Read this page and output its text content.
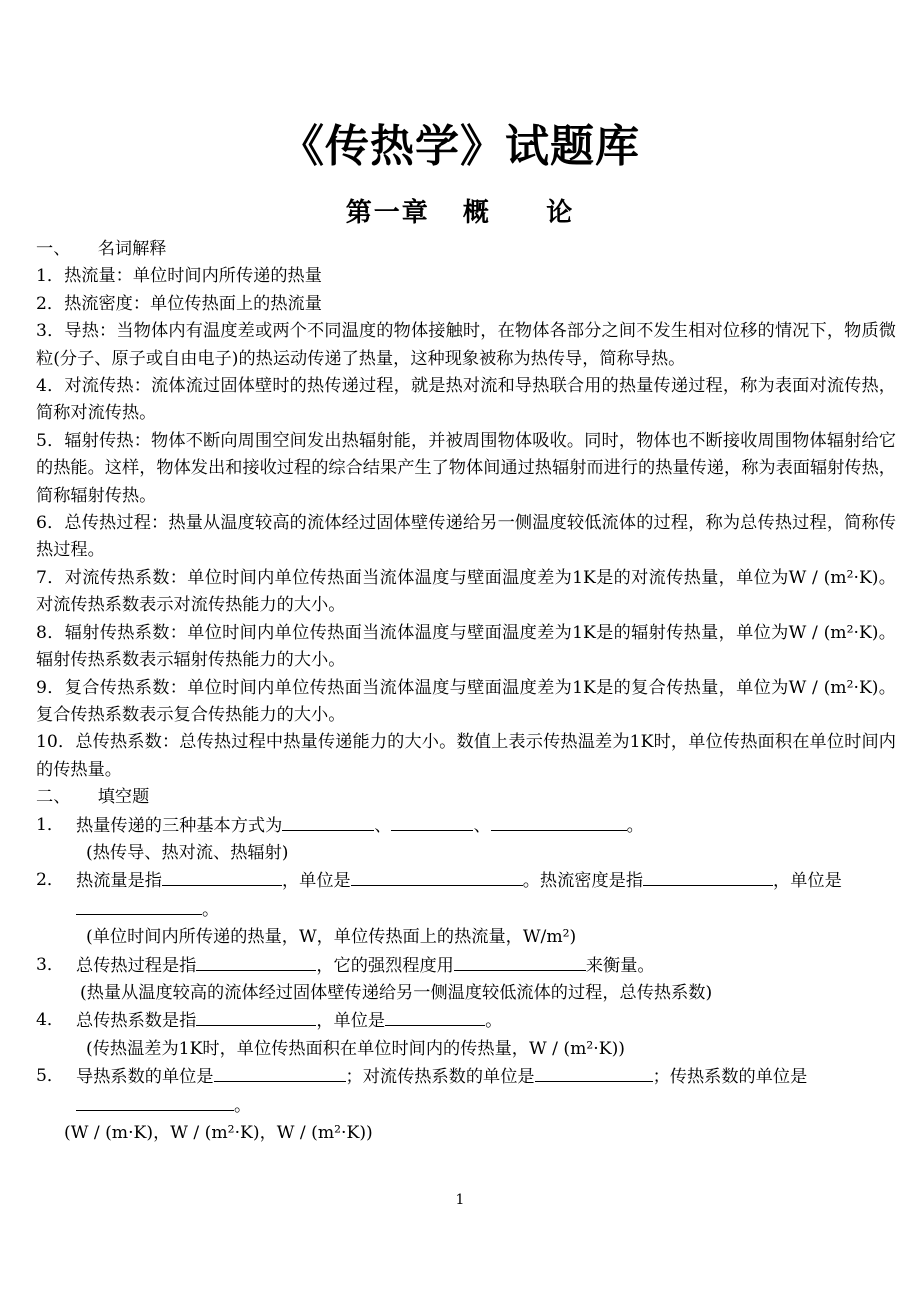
《传热学》试题库
第一章   概     论

一、     名词解释

1．热流量：单位时间内所传递的热量

2．热流密度：单位传热面上的热流量

3．导热：当物体内有温度差或两个不同温度的物体接触时，在物体各部分之间不发生相对位移的情况下，物质微粒(分子、原子或自由电子)的热运动传递了热量，这种现象被称为热传导，简称导热。

4．对流传热：流体流过固体壁时的热传递过程，就是热对流和导热联合用的热量传递过程，称为表面对流传热，简称对流传热。

5．辐射传热：物体不断向周围空间发出热辐射能，并被周围物体吸收。同时，物体也不断接收周围物体辐射给它的热能。这样，物体发出和接收过程的综合结果产生了物体间通过热辐射而进行的热量传递，称为表面辐射传热，简称辐射传热。

6．总传热过程：热量从温度较高的流体经过固体壁传递给另一侧温度较低流体的过程，称为总传热过程，简称传热过程。

7．对流传热系数：单位时间内单位传热面当流体温度与壁面温度差为1K是的对流传热量，单位为W / (m²·K)。对流传热系数表示对流传热能力的大小。

8．辐射传热系数：单位时间内单位传热面当流体温度与壁面温度差为1K是的辐射传热量，单位为W / (m²·K)。辐射传热系数表示辐射传热能力的大小。

9．复合传热系数：单位时间内单位传热面当流体温度与壁面温度差为1K是的复合传热量，单位为W / (m²·K)。复合传热系数表示复合传热能力的大小。

10．总传热系数：总传热过程中热量传递能力的大小。数值上表示传热温差为1K时，单位传热面积在单位时间内的传热量。

二、     填空题

1． 热量传递的三种基本方式为	、	、	。

(热传导、热对流、热辐射)

2． 热流量是指	，单位是	。热流密度是指	，单位是。

(单位时间内所传递的热量，W，单位传热面上的热流量，W/m²)

3． 总传热过程是指	，它的强烈程度用	来衡量。

(热量从温度较高的流体经过固体壁传递给另一侧温度较低流体的过程，总传热系数)

4． 总传热系数是指	，单位是	。

(传热温差为1K时，单位传热面积在单位时间内的传热量，W / (m²·K))

5． 导热系数的单位是	；对流传热系数的单位是	；传热系数的单位是。

(W / (m·K)，W / (m²·K)，W / (m²·K))

1
